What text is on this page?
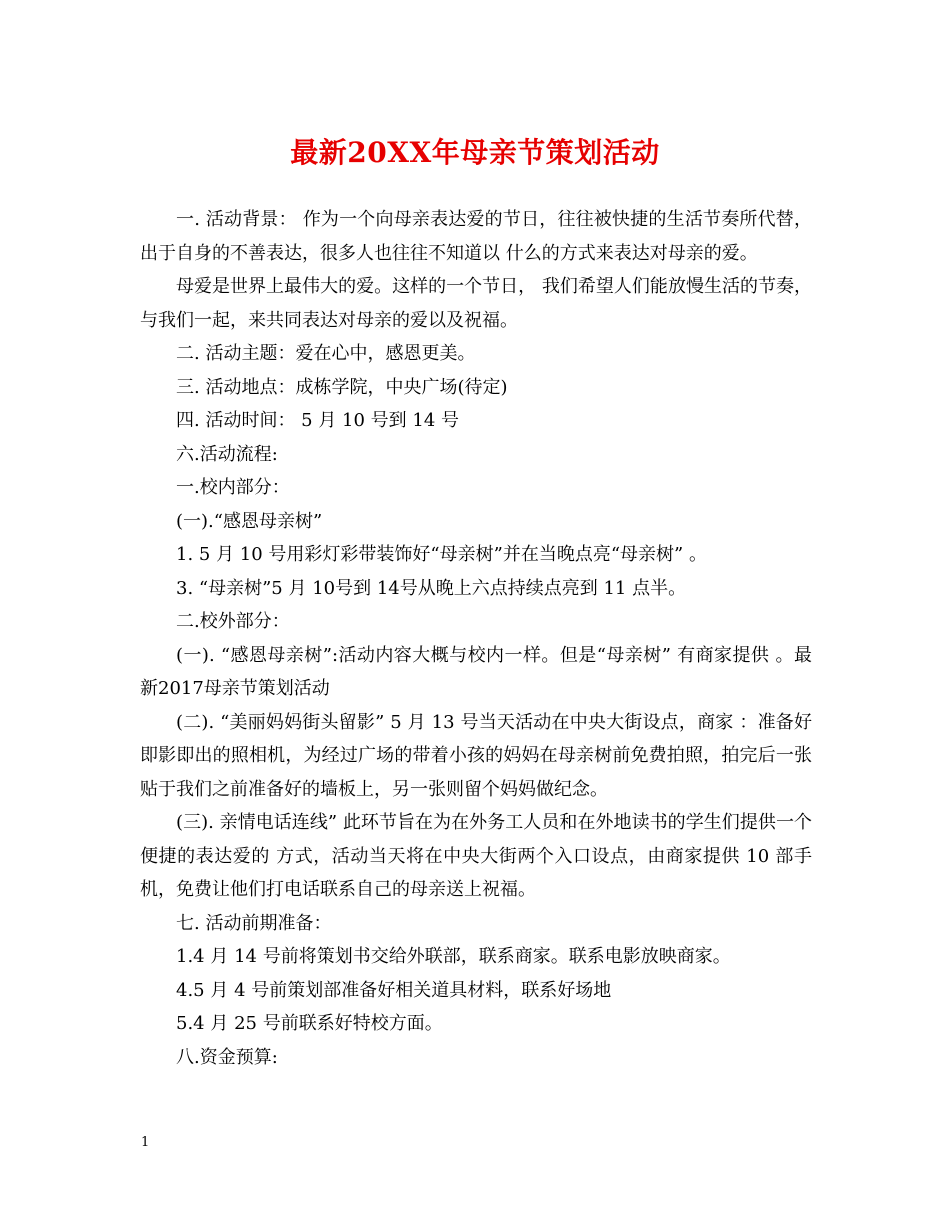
最新20XX年母亲节策划活动

一. 活动背景： 作为一个向母亲表达爱的节日，往往被快捷的生活节奏所代替，出于自身的不善表达，很多人也往往不知道以 什么的方式来表达对母亲的爱。

母爱是世界上最伟大的爱。这样的一个节日， 我们希望人们能放慢生活的节奏，与我们一起，来共同表达对母亲的爱以及祝福。

二. 活动主题：爱在心中，感恩更美。

三. 活动地点：成栋学院，中央广场(待定)

四. 活动时间： 5 月 10 号到 14 号

六.活动流程:

一.校内部分：

(一).“感恩母亲树”

1. 5 月 10 号用彩灯彩带装饰好“母亲树”并在当晚点亮“母亲树” 。

3. “母亲树”5 月 10号到 14号从晚上六点持续点亮到 11 点半。

二.校外部分：

(一). “感恩母亲树”:活动内容大概与校内一样。但是“母亲树” 有商家提供 。最新2017母亲节策划活动

(二). “美丽妈妈街头留影” 5 月 13 号当天活动在中央大街设点，商家 ：准备好即影即出的照相机，为经过广场的带着小孩的妈妈在母亲树前免费拍照，拍完后一张贴于我们之前准备好的墙板上，另一张则留个妈妈做纪念。

(三). 亲情电话连线” 此环节旨在为在外务工人员和在外地读书的学生们提供一个便捷的表达爱的 方式，活动当天将在中央大街两个入口设点，由商家提供 10 部手机，免费让他们打电话联系自己的母亲送上祝福。

七. 活动前期准备：

1.4 月 14 号前将策划书交给外联部，联系商家。联系电影放映商家。

4.5 月 4 号前策划部准备好相关道具材料，联系好场地

5.4 月 25 号前联系好特校方面。

八.资金预算:

1
